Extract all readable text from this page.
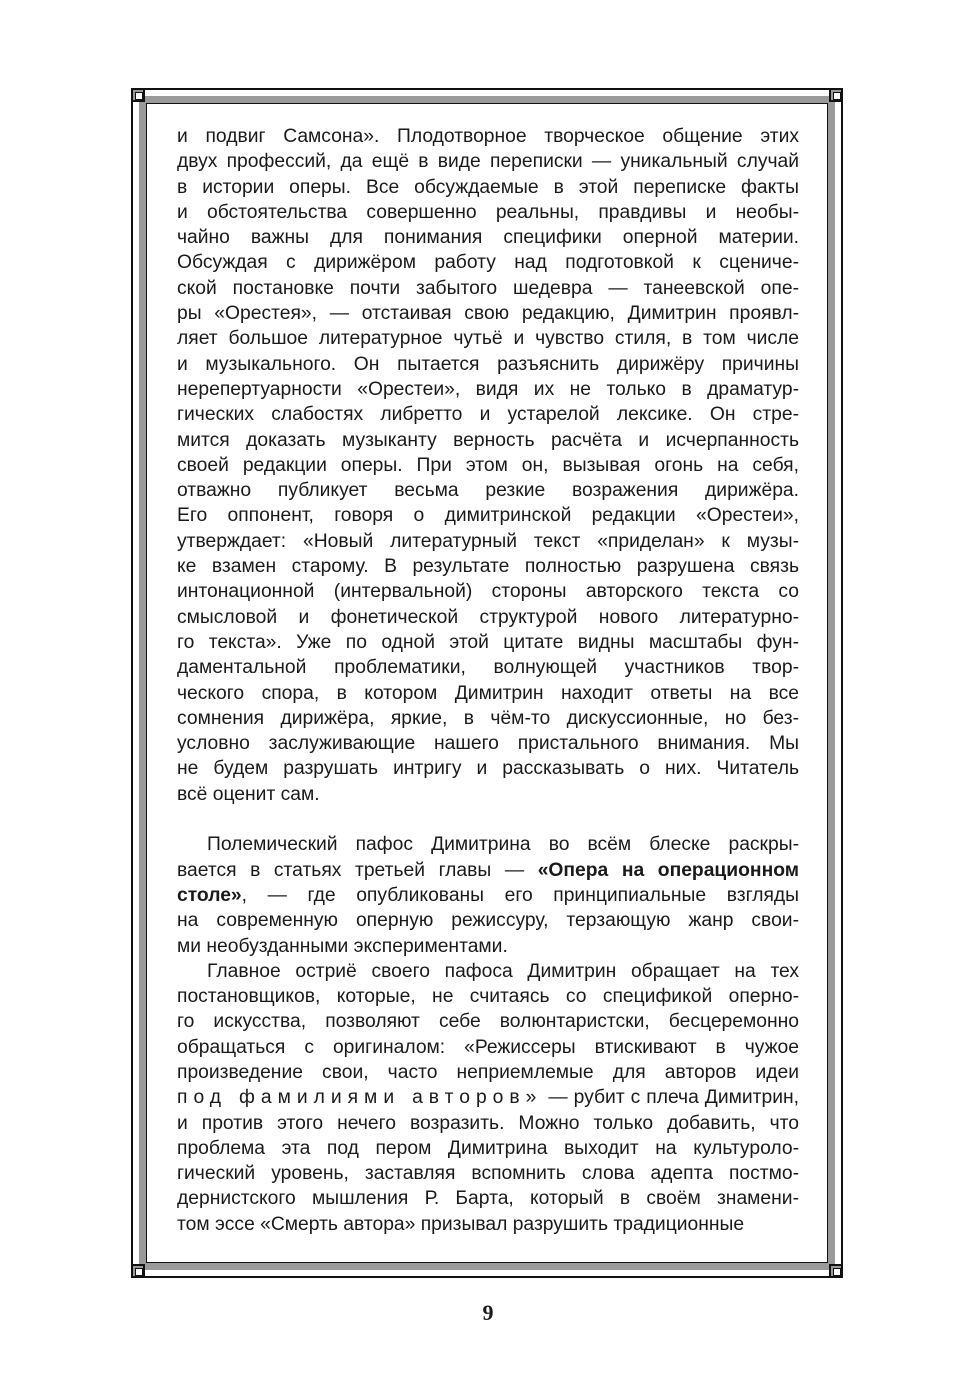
и подвиг Самсона». Плодотворное творческое общение этих
двух профессий, да ещё в виде переписки — уникальный случай
в истории оперы. Все обсуждаемые в этой переписке факты
и обстоятельства совершенно реальны, правдивы и необы-
чайно важны для понимания специфики оперной материи.
Обсуждая с дирижёром работу над подготовкой к сцениче-
ской постановке почти забытого шедевра — танеевской опе-
ры «Орестея», — отстаивая свою редакцию, Димитрин проявл-
ляет большое литературное чутьё и чувство стиля, в том числе
и музыкального. Он пытается разъяснить дирижёру причины
нерепертуарности «Орестеи», видя их не только в драматур-
гических слабостях либретто и устарелой лексике. Он стре-
мится доказать музыканту верность расчёта и исчерпанность
своей редакции оперы. При этом он, вызывая огонь на себя,
отважно публикует весьма резкие возражения дирижёра.
Его оппонент, говоря о димитринской редакции «Орестеи»,
утверждает: «Новый литературный текст «приделан» к музы-
ке взамен старому. В результате полностью разрушена связь
интонационной (интервальной) стороны авторского текста со
смысловой и фонетической структурой нового литературно-
го текста». Уже по одной этой цитате видны масштабы фун-
даментальной проблематики, волнующей участников твор-
ческого спора, в котором Димитрин находит ответы на все
сомнения дирижёра, яркие, в чём-то дискуссионные, но без-
условно заслуживающие нашего пристального внимания. Мы
не будем разрушать интригу и рассказывать о них. Читатель
всё оценит сам.
Полемический пафос Димитрина во всём блеске раскры-
вается в статьях третьей главы — «Опера на операционном
столе», — где опубликованы его принципиальные взгляды
на современную оперную режиссуру, терзающую жанр свои-
ми необузданными экспериментами.
Главное остриё своего пафоса Димитрин обращает на тех
постановщиков, которые, не считаясь со спецификой оперно-
го искусства, позволяют себе волюнтаристски, бесцеремонно
обращаться с оригиналом: «Режиссеры втискивают в чужое
произведение свои, часто неприемлемые для авторов идеи
под фамилиями авторов» — рубит с плеча Димитрин,
и против этого нечего возразить. Можно только добавить, что
проблема эта под пером Димитрина выходит на культуроло-
гический уровень, заставляя вспомнить слова адепта постмо-
дернистского мышления Р. Барта, который в своём знамени-
том эссе «Смерть автора» призывал разрушить традиционные
9
